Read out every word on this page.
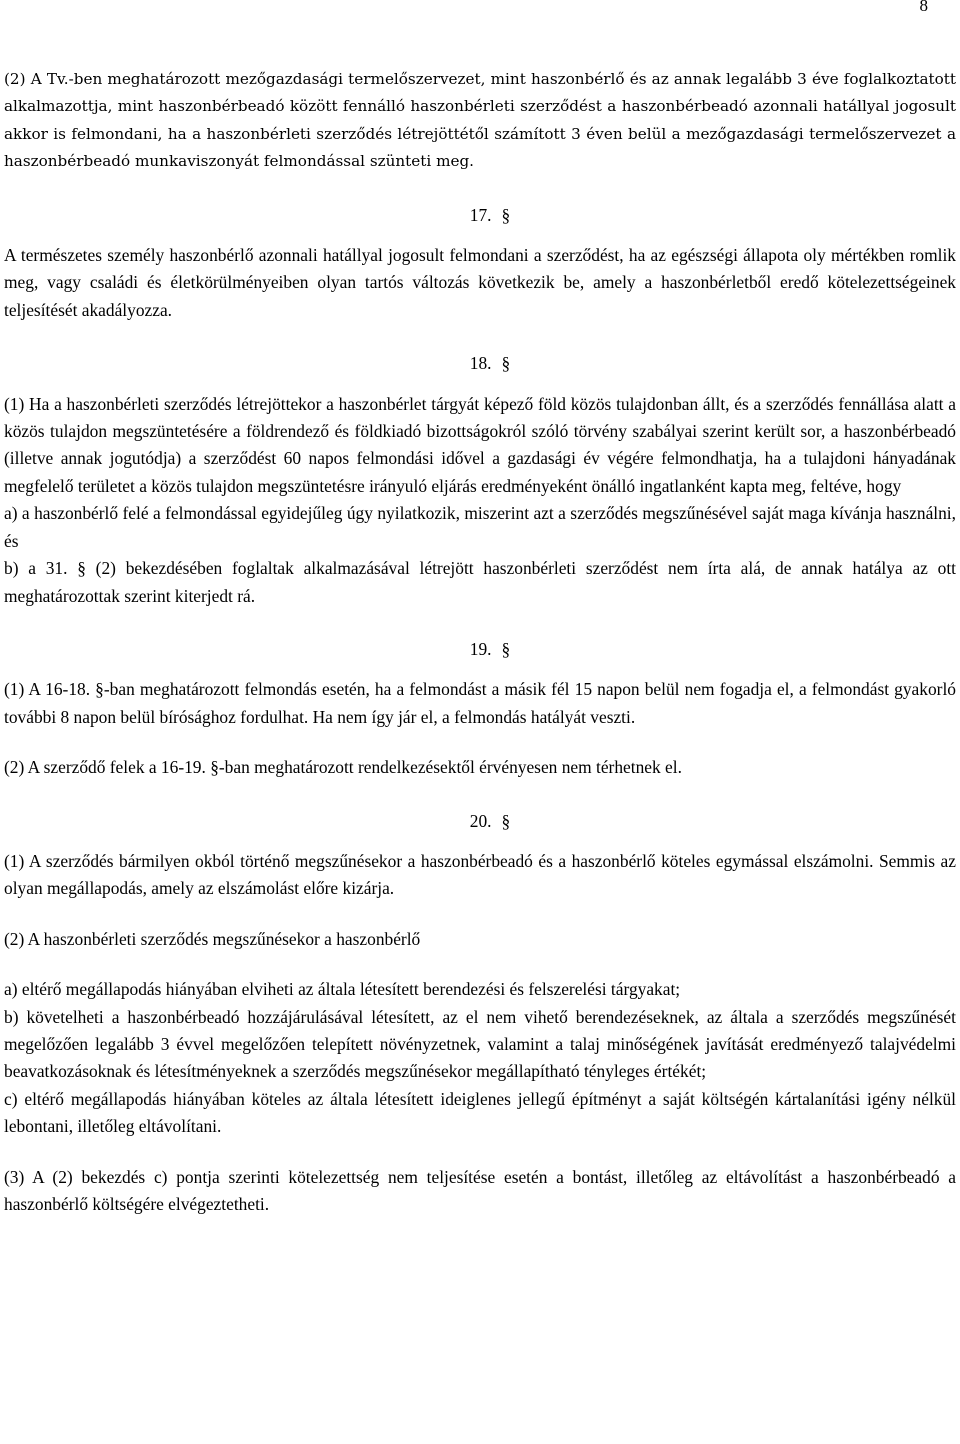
8

(2) A Tv.-ben meghatározott mezőgazdasági termelőszervezet, mint haszonbérlő és az annak legalább 3 éve foglalkoztatott alkalmazottja, mint haszonbérbeadó között fennálló haszonbérleti szerződést a haszonbérbeadó azonnali hatállyal jogosult akkor is felmondani, ha a haszonbérleti szerződés létrejöttétől számított 3 éven belül a mezőgazdasági termelőszervezet a haszonbérbeadó munkaviszonyát felmondással szünteti meg.

17. §

A természetes személy haszonbérlő azonnali hatállyal jogosult felmondani a szerződést, ha az egészségi állapota oly mértékben romlik meg, vagy családi és életkörülményeiben olyan tartós változás következik be, amely a haszonbérletből eredő kötelezettségeinek teljesítését akadályozza.

18. §

(1) Ha a haszonbérleti szerződés létrejöttekor a haszonbérlet tárgyát képező föld közös tulajdonban állt, és a szerződés fennállása alatt a közös tulajdon megszüntetésére a földrendező és földkiadó bizottságokról szóló törvény szabályai szerint került sor, a haszonbérbeadó (illetve annak jogutódja) a szerződést 60 napos felmondási idővel a gazdasági év végére felmondhatja, ha a tulajdoni hányadának megfelelő területet a közös tulajdon megszüntetésre irányuló eljárás eredményeként önálló ingatlanként kapta meg, feltéve, hogy

a) a haszonbérlő felé a felmondással egyidejűleg úgy nyilatkozik, miszerint azt a szerződés megszűnésével saját maga kívánja használni, és

b) a 31. § (2) bekezdésében foglaltak alkalmazásával létrejött haszonbérleti szerződést nem írta alá, de annak hatálya az ott meghatározottak szerint kiterjedt rá.

19. §

(1) A 16-18. §-ban meghatározott felmondás esetén, ha a felmondást a másik fél 15 napon belül nem fogadja el, a felmondást gyakorló további 8 napon belül bírósághoz fordulhat. Ha nem így jár el, a felmondás hatályát veszti.

(2) A szerződő felek a 16-19. §-ban meghatározott rendelkezésektől érvényesen nem térhetnek el.

20. §

(1) A szerződés bármilyen okból történő megszűnésekor a haszonbérbeadó és a haszonbérlő köteles egymással elszámolni. Semmis az olyan megállapodás, amely az elszámolást előre kizárja.

(2) A haszonbérleti szerződés megszűnésekor a haszonbérlő

a) eltérő megállapodás hiányában elviheti az általa létesített berendezési és felszerelési tárgyakat;

b) követelheti a haszonbérbeadó hozzájárulásával létesített, az el nem vihető berendezéseknek, az általa a szerződés megszűnését megelőzően legalább 3 évvel megelőzően telepített növényzetnek, valamint a talaj minőségének javítását eredményező talajvédelmi beavatkozásoknak és létesítményeknek a szerződés megszűnésekor megállapítható tényleges értékét;

c) eltérő megállapodás hiányában köteles az általa létesített ideiglenes jellegű építményt a saját költségén kártalanítási igény nélkül lebontani, illetőleg eltávolítani.

(3) A (2) bekezdés c) pontja szerinti kötelezettség nem teljesítése esetén a bontást, illetőleg az eltávolítást a haszonbérbeadó a haszonbérlő költségére elvégeztetheti.
